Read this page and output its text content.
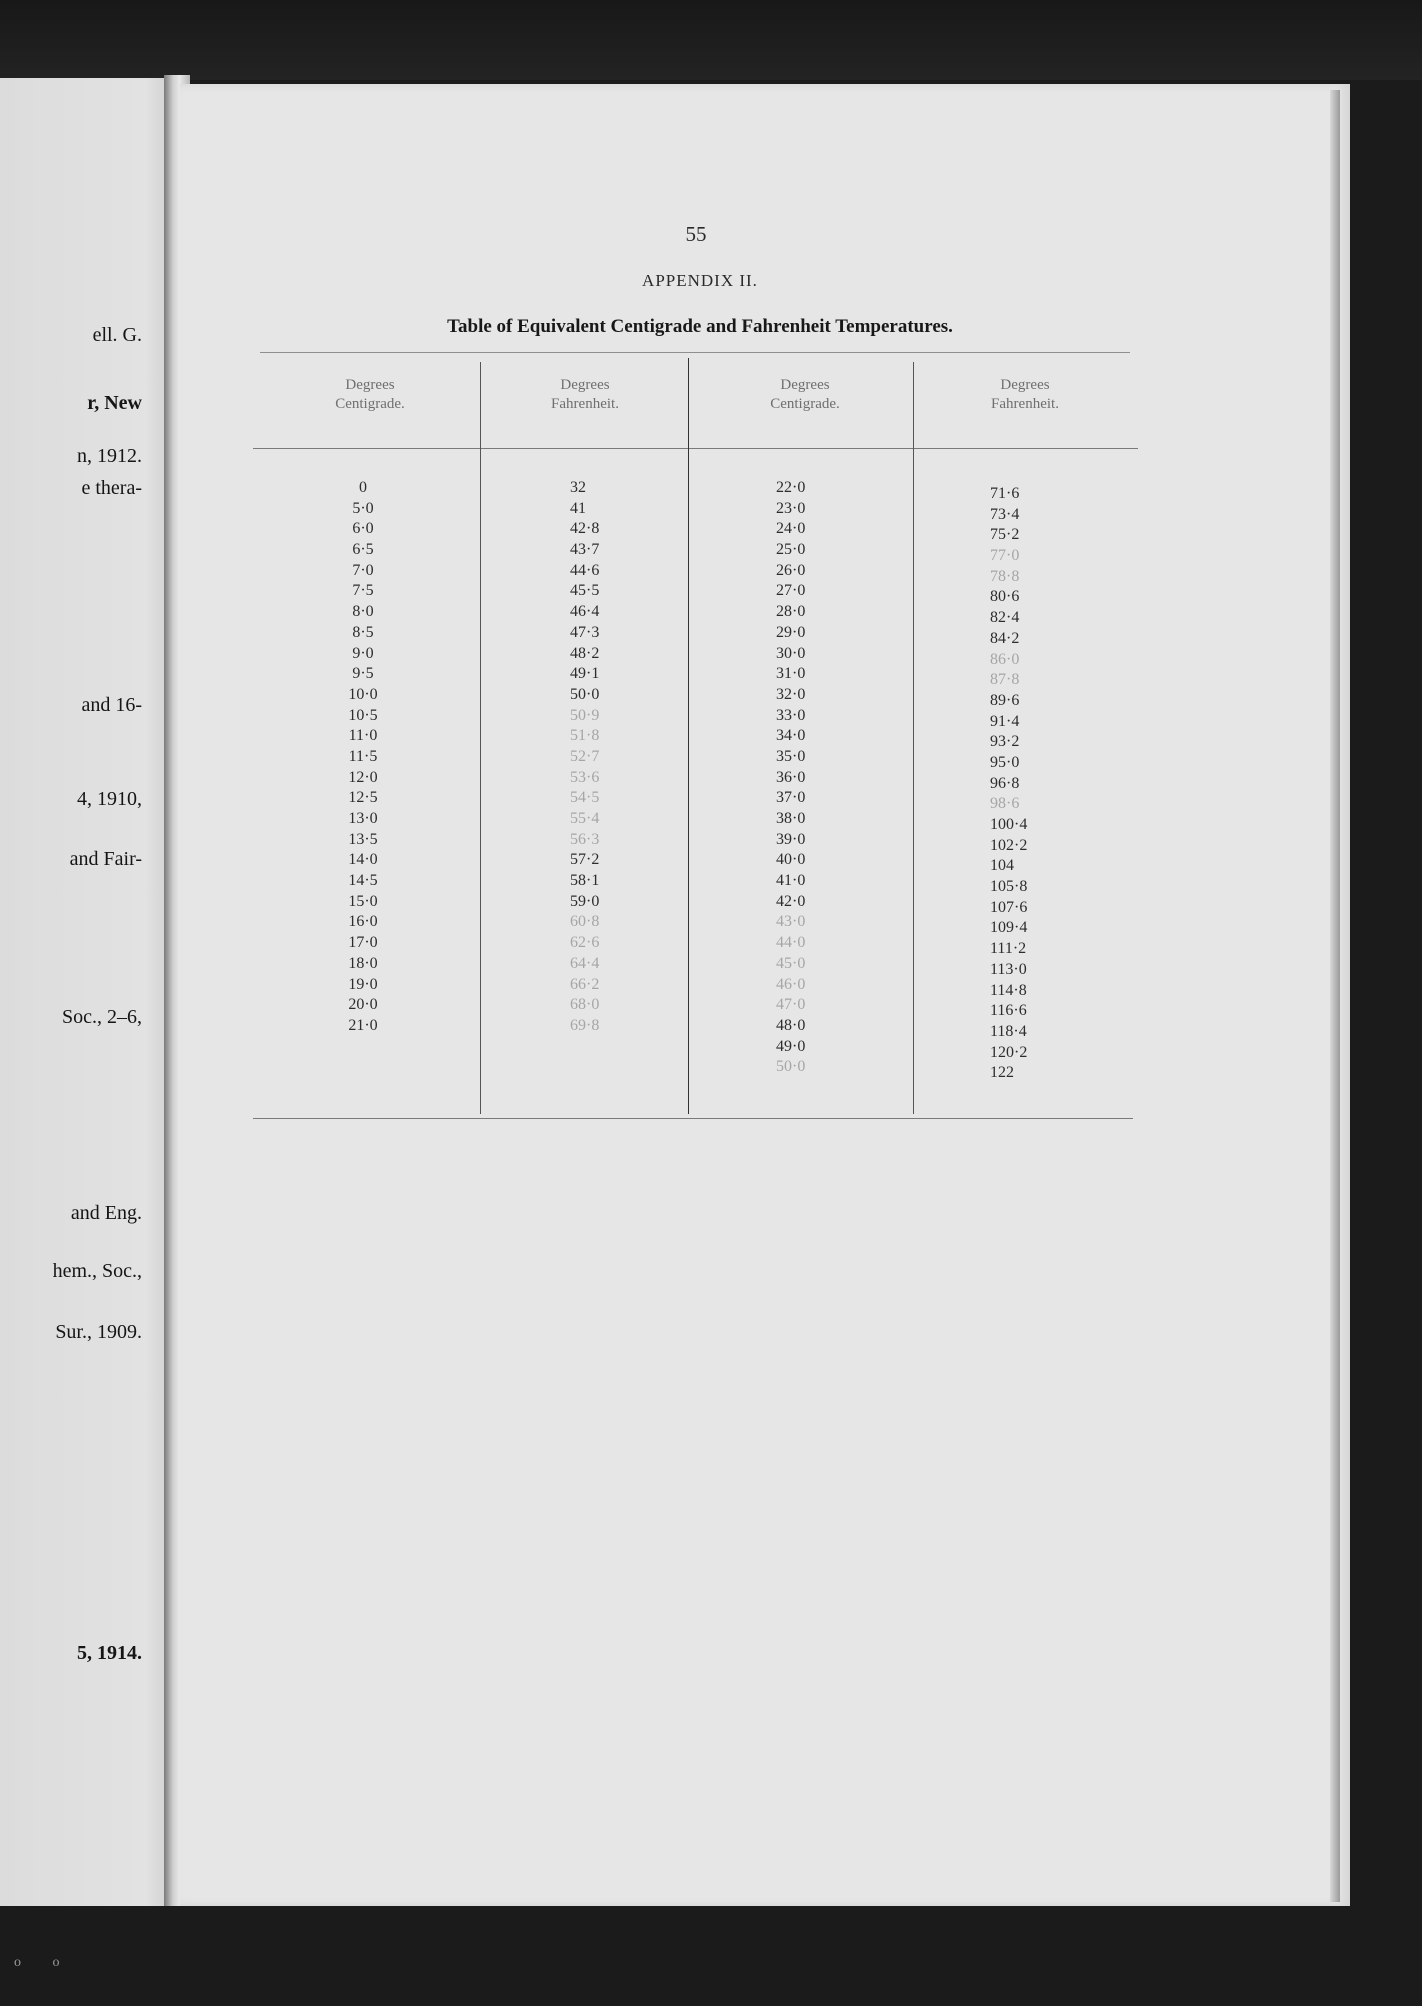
ell. G.
r, New
n, 1912.
e thera-
and 16-
4, 1910,
and Fair-
Soc., 2–6,
and Eng.
hem., Soc.,
Sur., 1909.
5, 1914.
55
APPENDIX II.
Table of Equivalent Centigrade and Fahrenheit Temperatures.
Degrees
Centigrade.
Degrees
Fahrenheit.
Degrees
Centigrade.
Degrees
Fahrenheit.
0
5·0
6·0
6·5
7·0
7·5
8·0
8·5
9·0
9·5
10·0
10·5
11·0
11·5
12·0
12·5
13·0
13·5
14·0
14·5
15·0
16·0
17·0
18·0
19·0
20·0
21·0
32
41
42·8
43·7
44·6
45·5
46·4
47·3
48·2
49·1
50·0
50·9
51·8
52·7
53·6
54·5
55·4
56·3
57·2
58·1
59·0
60·8
62·6
64·4
66·2
68·0
69·8
22·0
23·0
24·0
25·0
26·0
27·0
28·0
29·0
30·0
31·0
32·0
33·0
34·0
35·0
36·0
37·0
38·0
39·0
40·0
41·0
42·0
43·0
44·0
45·0
46·0
47·0
48·0
49·0
50·0
71·6
73·4
75·2
77·0
78·8
80·6
82·4
84·2
86·0
87·8
89·6
91·4
93·2
95·0
96·8
98·6
100·4
102·2
104
105·8
107·6
109·4
111·2
113·0
114·8
116·6
118·4
120·2
122
ο ο
